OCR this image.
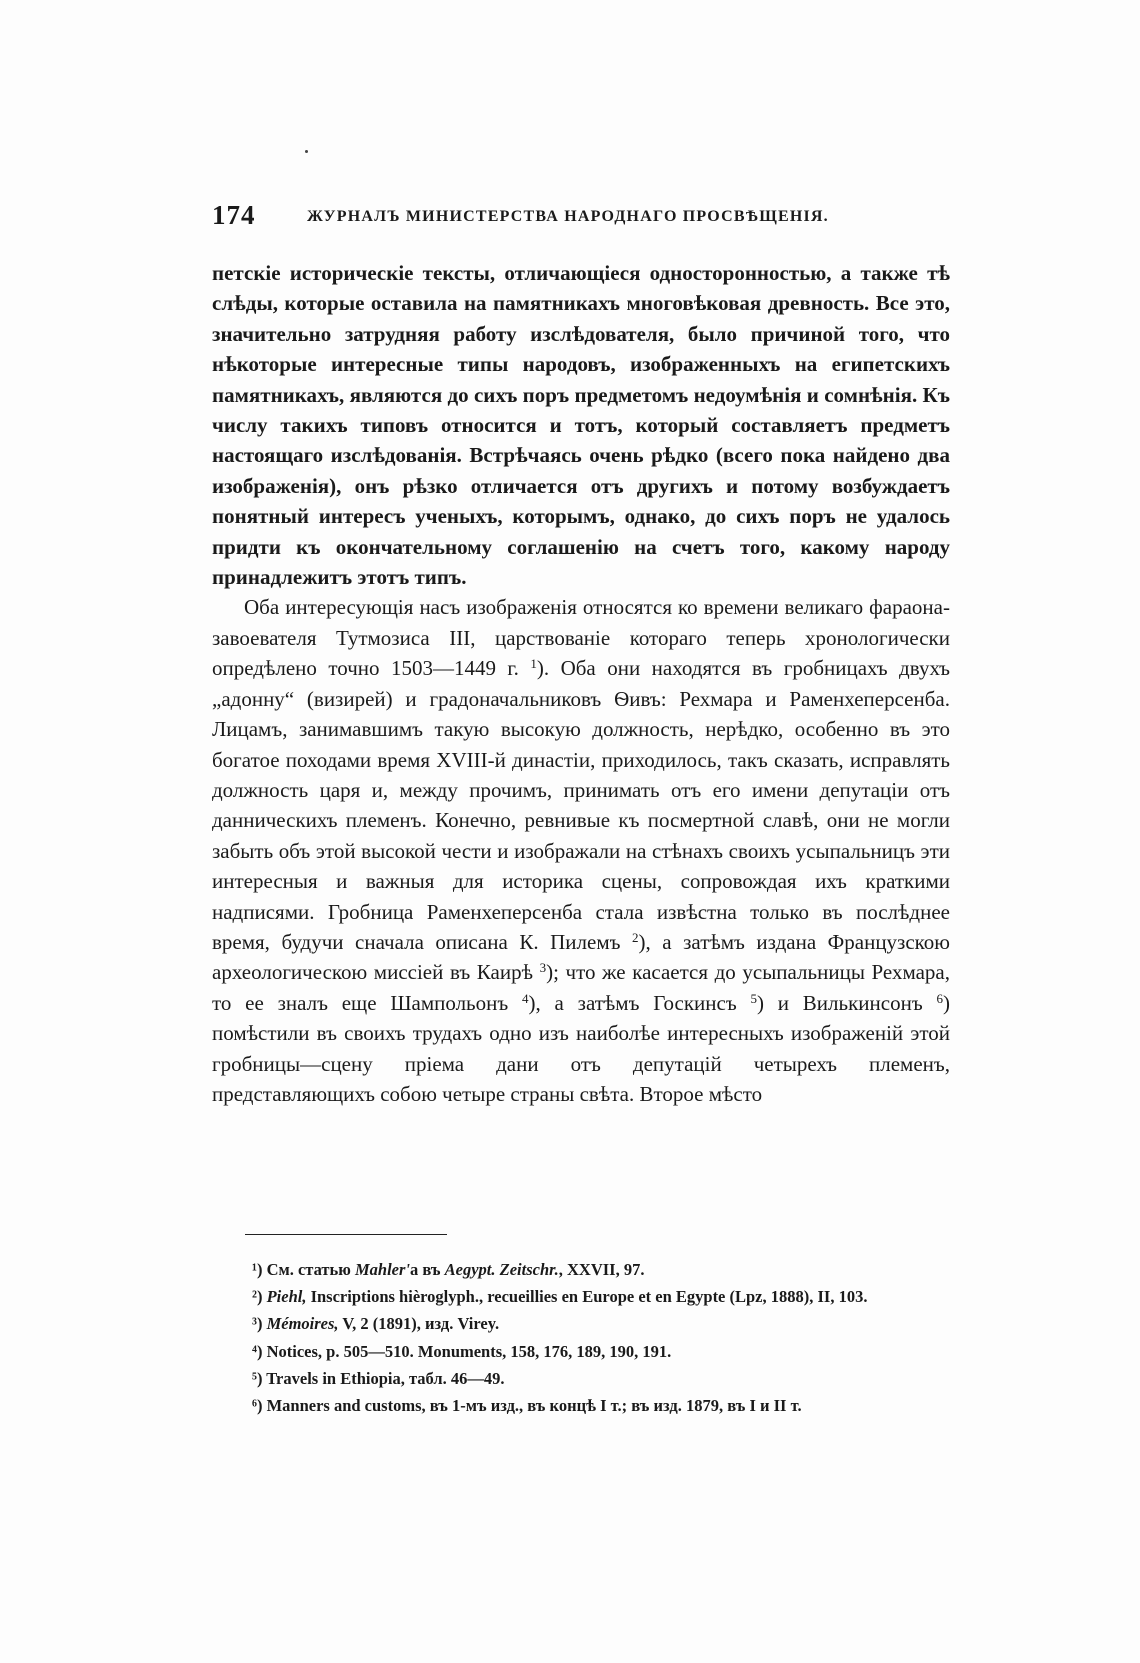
174	ЖУРНАЛЪ МИНИСТЕРСТВА НАРОДНАГО ПРОСВѢЩЕНІЯ.

петскіе историческіе тексты, отличающіеся односторонностью, а также тѣ слѣды, которые оставила на памятникахъ многовѣковая древность. Все это, значительно затрудняя работу изслѣдователя, было причиной того, что нѣкоторые интересные типы народовъ, изображенныхъ на египетскихъ памятникахъ, являются до сихъ поръ предметомъ недоумѣнія и сомнѣнія. Къ числу такихъ типовъ относится и тотъ, который составляетъ предметъ настоящаго изслѣдованія. Встрѣчаясь очень рѣдко (всего пока найдено два изображенія), онъ рѣзко отличается отъ другихъ и потому возбуждаетъ понятный интересъ ученыхъ, которымъ, однако, до сихъ поръ не удалось придти къ окончательному соглашенію на счетъ того, какому народу принадлежитъ этотъ типъ.

Оба интересующія насъ изображенія относятся ко времени великаго фараона-завоевателя Тутмозиса III, царствованіе котораго теперь хронологически опредѣлено точно 1503—1449 г. $^1$). Оба они находятся въ гробницахъ двухъ „адонну“ (визирей) и градоначальниковъ Ѳивъ: Рехмара и Раменхеперсенба. Лицамъ, занимавшимъ такую высокую должность, нерѣдко, особенно въ это богатое походами время XVIII-й династіи, приходилось, такъ сказать, исправлять должность царя и, между прочимъ, принимать отъ его имени депутаціи отъ данническихъ племенъ. Конечно, ревнивые къ посмертной славѣ, они не могли забыть объ этой высокой чести и изображали на стѣнахъ своихъ усыпальницъ эти интересныя и важныя для историка сцены, сопровождая ихъ краткими надписями. Гробница Раменхеперсенба стала извѣстна только въ послѣднее время, будучи сначала описана К. Пилемъ $^2$), а затѣмъ издана Французскою археологическою миссіей въ Каирѣ $^3$); что же касается до усыпальницы Рехмара, то ее зналъ еще Шампольонъ $^4$), а затѣмъ Госкинсъ $^5$) и Вилькинсонъ $^6$) помѣстили въ своихъ трудахъ одно изъ наиболѣе интересныхъ изображеній этой гробницы—сцену пріема дани отъ депутацій четырехъ племенъ, представляющихъ собою четыре страны свѣта. Второе мѣсто

¹) См. статью Mahler'а въ Aegypt. Zeitschr., XXVII, 97.

²) Piehl, Inscriptions hièroglyph., recueillies en Europe et en Egypte (Lpz, 1888), II, 103.

³) Mémoires, V, 2 (1891), изд. Virey.

⁴) Notices, p. 505—510. Monuments, 158, 176, 189, 190, 191.

⁵) Travels in Ethiopia, табл. 46—49.

⁶) Manners and customs, въ 1-мъ изд., въ концѣ I т.; въ изд. 1879, въ I и II т.
